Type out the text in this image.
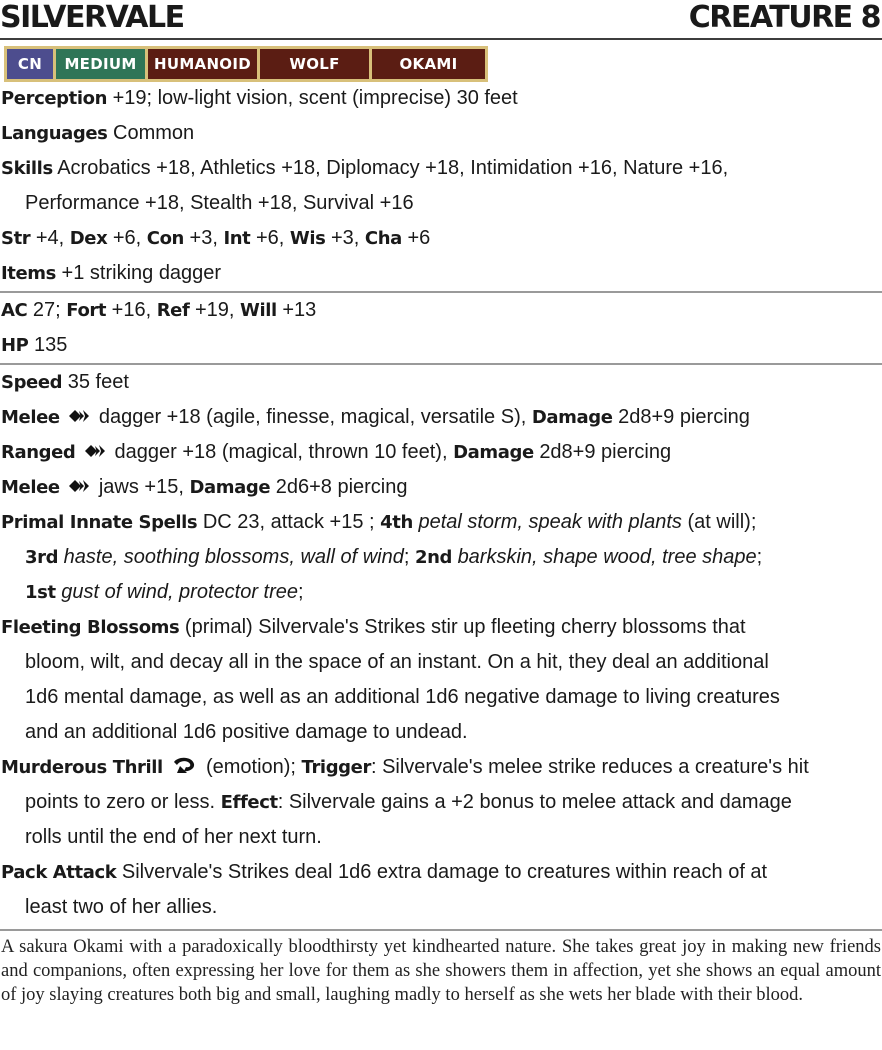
SILVERVALE	CREATURE 8
CN	MEDIUM	HUMANOID	WOLF	OKAMI
Perception +19; low-light vision, scent (imprecise) 30 feet
Languages Common
Skills Acrobatics +18, Athletics +18, Diplomacy +18, Intimidation +16, Nature +16,
Performance +18, Stealth +18, Survival +16
Str +4, Dex +6, Con +3, Int +6, Wis +3, Cha +6
Items +1 striking dagger
AC 27; Fort +16, Ref +19, Will +13
HP 135
Speed 35 feet
Melee dagger +18 (agile, finesse, magical, versatile S), Damage 2d8+9 piercing
Ranged dagger +18 (magical, thrown 10 feet), Damage 2d8+9 piercing
Melee jaws +15, Damage 2d6+8 piercing
Primal Innate Spells DC 23, attack +15 ; 4th petal storm, speak with plants (at will);
3rd haste, soothing blossoms, wall of wind; 2nd barkskin, shape wood, tree shape;
1st gust of wind, protector tree;
Fleeting Blossoms (primal) Silvervale's Strikes stir up fleeting cherry blossoms that
bloom, wilt, and decay all in the space of an instant. On a hit, they deal an additional
1d6 mental damage, as well as an additional 1d6 negative damage to living creatures
and an additional 1d6 positive damage to undead.
Murderous Thrill (emotion); Trigger: Silvervale's melee strike reduces a creature's hit
points to zero or less. Effect: Silvervale gains a +2 bonus to melee attack and damage
rolls until the end of her next turn.
Pack Attack Silvervale's Strikes deal 1d6 extra damage to creatures within reach of at
least two of her allies.
A sakura Okami with a paradoxically bloodthirsty yet kindhearted nature. She takes great joy in making new friends and companions, often expressing her love for them as she showers them in affection, yet she shows an equal amount of joy slaying creatures both big and small, laughing madly to herself as she wets her blade with their blood.
